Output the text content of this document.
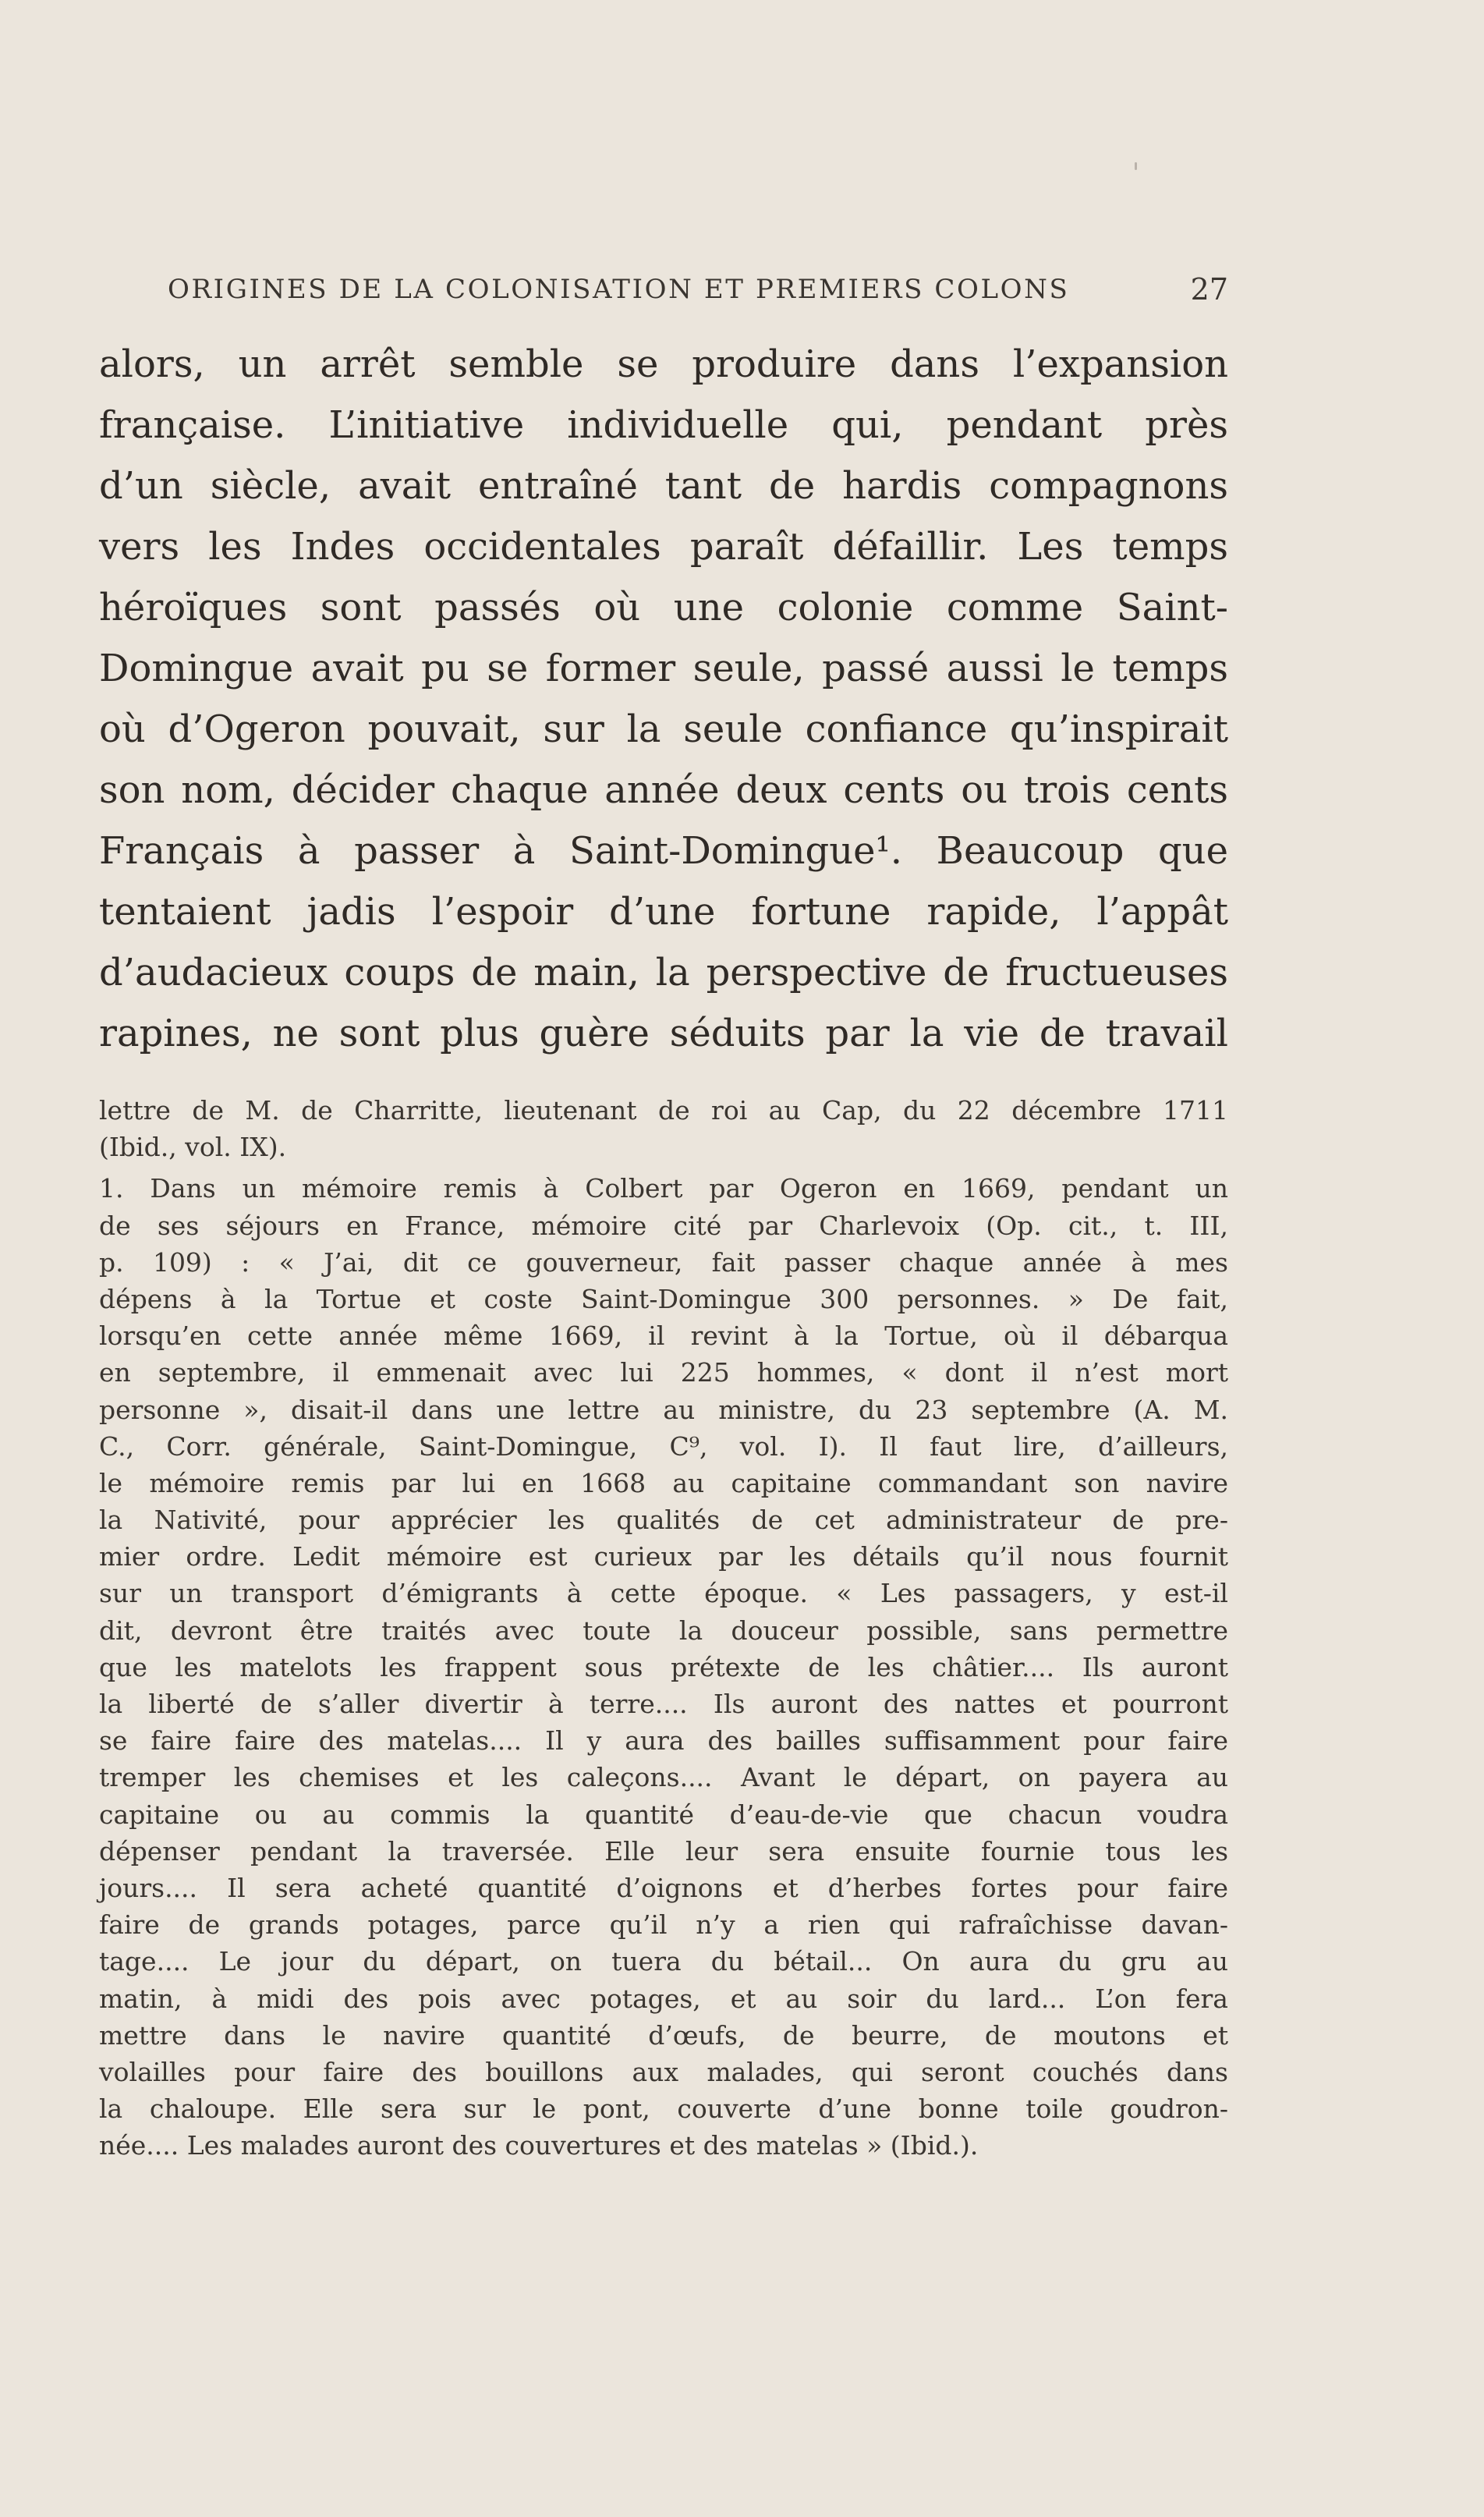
ORIGINES DE LA COLONISATION ET PREMIERS COLONS	27
alors, un arrêt semble se produire dans l’expansion
française. L’initiative individuelle qui, pendant près
d’un siècle, avait entraîné tant de hardis compagnons
vers les Indes occidentales paraît défaillir. Les temps
héroïques sont passés où une colonie comme Saint-
Domingue avait pu se former seule, passé aussi le temps
où d’Ogeron pouvait, sur la seule confiance qu’inspirait
son nom, décider chaque année deux cents ou trois cents
Français à passer à Saint-Domingue¹. Beaucoup que
tentaient jadis l’espoir d’une fortune rapide, l’appât
d’audacieux coups de main, la perspective de fructueuses
rapines, ne sont plus guère séduits par la vie de travail
lettre de M. de Charritte, lieutenant de roi au Cap, du 22 décembre 1711
(Ibid., vol. IX).
1. Dans un mémoire remis à Colbert par Ogeron en 1669, pendant un
de ses séjours en France, mémoire cité par Charlevoix (Op. cit., t. III,
p. 109) : « J’ai, dit ce gouverneur, fait passer chaque année à mes
dépens à la Tortue et coste Saint-Domingue 300 personnes. » De fait,
lorsqu’en cette année même 1669, il revint à la Tortue, où il débarqua
en septembre, il emmenait avec lui 225 hommes, « dont il n’est mort
personne », disait-il dans une lettre au ministre, du 23 septembre (A. M.
C., Corr. générale, Saint-Domingue, C⁹, vol. I). Il faut lire, d’ailleurs,
le mémoire remis par lui en 1668 au capitaine commandant son navire
la Nativité, pour apprécier les qualités de cet administrateur de pre-
mier ordre. Ledit mémoire est curieux par les détails qu’il nous fournit
sur un transport d’émigrants à cette époque. « Les passagers, y est-il
dit, devront être traités avec toute la douceur possible, sans permettre
que les matelots les frappent sous prétexte de les châtier.... Ils auront
la liberté de s’aller divertir à terre.... Ils auront des nattes et pourront
se faire faire des matelas.... Il y aura des bailles suffisamment pour faire
tremper les chemises et les caleçons.... Avant le départ, on payera au
capitaine ou au commis la quantité d’eau-de-vie que chacun voudra
dépenser pendant la traversée. Elle leur sera ensuite fournie tous les
jours.... Il sera acheté quantité d’oignons et d’herbes fortes pour faire
faire de grands potages, parce qu’il n’y a rien qui rafraîchisse davan-
tage.... Le jour du départ, on tuera du bétail... On aura du gru au
matin, à midi des pois avec potages, et au soir du lard... L’on fera
mettre dans le navire quantité d’œufs, de beurre, de moutons et
volailles pour faire des bouillons aux malades, qui seront couchés dans
la chaloupe. Elle sera sur le pont, couverte d’une bonne toile goudron-
née.... Les malades auront des couvertures et des matelas » (Ibid.).
